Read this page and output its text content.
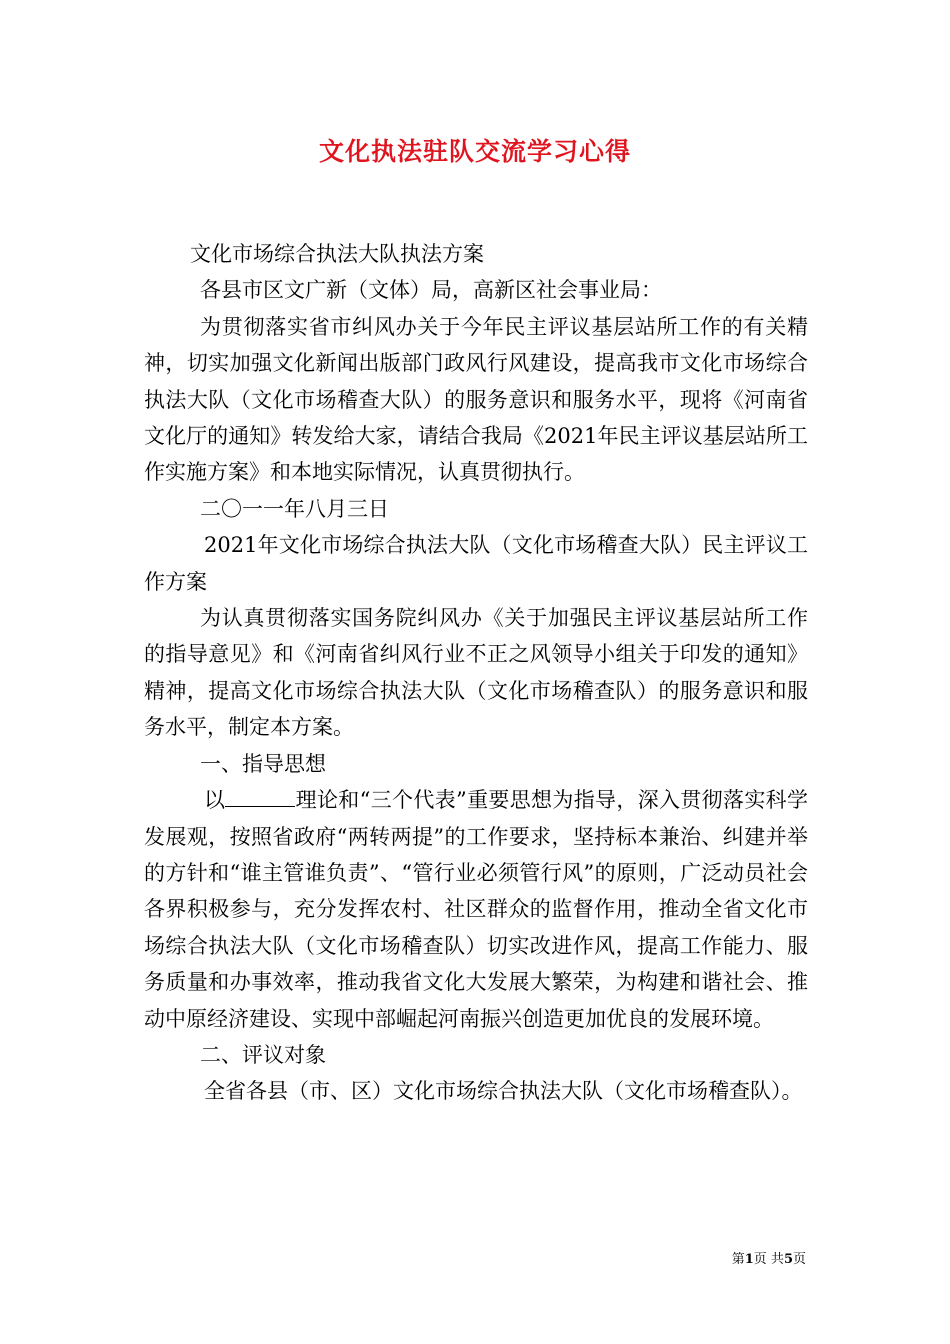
文化执法驻队交流学习心得

文化市场综合执法大队执法方案

各县市区文广新（文体）局，高新区社会事业局：

为贯彻落实省市纠风办关于今年民主评议基层站所工作的有关精神，切实加强文化新闻出版部门政风行风建设，提高我市文化市场综合执法大队（文化市场稽查大队）的服务意识和服务水平，现将《河南省文化厅的通知》转发给大家，请结合我局《2021年民主评议基层站所工作实施方案》和本地实际情况，认真贯彻执行。

二〇一一年八月三日

2021年文化市场综合执法大队（文化市场稽查大队）民主评议工作方案

为认真贯彻落实国务院纠风办《关于加强民主评议基层站所工作的指导意见》和《河南省纠风行业不正之风领导小组关于印发的通知》精神，提高文化市场综合执法大队（文化市场稽查队）的服务意识和服务水平，制定本方案。

一、指导思想

以	理论和“三个代表”重要思想为指导，深入贯彻落实科学发展观，按照省政府“两转两提”的工作要求，坚持标本兼治、纠建并举的方针和“谁主管谁负责”、“管行业必须管行风”的原则，广泛动员社会各界积极参与，充分发挥农村、社区群众的监督作用，推动全省文化市场综合执法大队（文化市场稽查队）切实改进作风，提高工作能力、服务质量和办事效率，推动我省文化大发展大繁荣，为构建和谐社会、推动中原经济建设、实现中部崛起河南振兴创造更加优良的发展环境。

二、评议对象

全省各县（市、区）文化市场综合执法大队（文化市场稽查队）。

第1页 共5页
